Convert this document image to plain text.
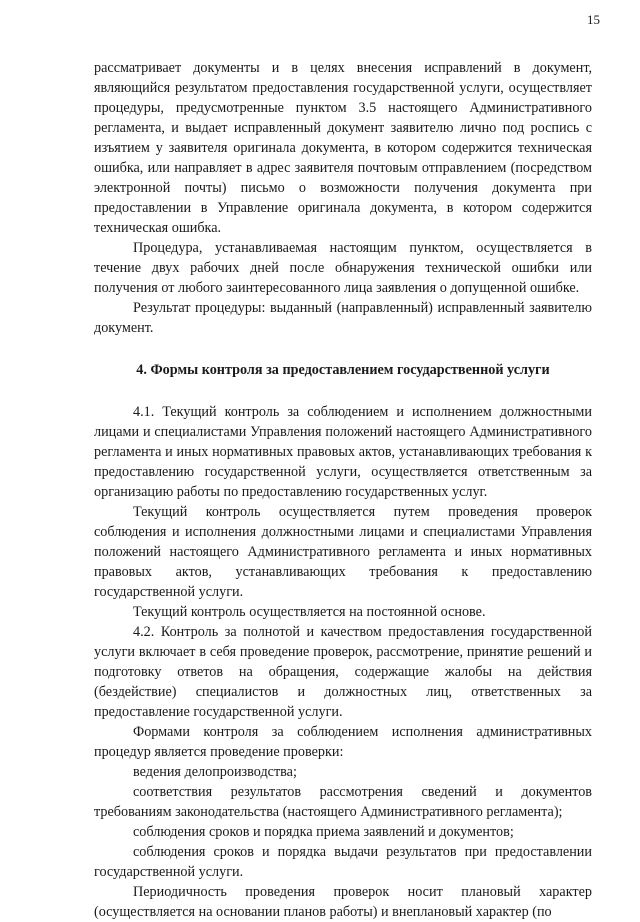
15

рассматривает документы и в целях внесения исправлений в документ, являющийся результатом предоставления государственной услуги, осуществляет процедуры, предусмотренные пунктом 3.5 настоящего Административного регламента, и выдает исправленный документ заявителю лично под роспись с изъятием у заявителя оригинала документа, в котором содержится техническая ошибка, или направляет в адрес заявителя почтовым отправлением (посредством электронной почты) письмо о возможности получения документа при предоставлении в Управление оригинала документа, в котором содержится техническая ошибка.

Процедура, устанавливаемая настоящим пунктом, осуществляется в течение двух рабочих дней после обнаружения технической ошибки или получения от любого заинтересованного лица заявления о допущенной ошибке.

Результат процедуры: выданный (направленный) исправленный заявителю документ.

4. Формы контроля за предоставлением государственной услуги

4.1. Текущий контроль за соблюдением и исполнением должностными лицами и специалистами Управления положений настоящего Административного регламента и иных нормативных правовых актов, устанавливающих требования к предоставлению государственной услуги, осуществляется ответственным за организацию работы по предоставлению государственных услуг.

Текущий контроль осуществляется путем проведения проверок соблюдения и исполнения должностными лицами и специалистами Управления положений настоящего Административного регламента и иных нормативных правовых актов, устанавливающих требования к предоставлению государственной услуги.

Текущий контроль осуществляется на постоянной основе.

4.2. Контроль за полнотой и качеством предоставления государственной услуги включает в себя проведение проверок, рассмотрение, принятие решений и подготовку ответов на обращения, содержащие жалобы на действия (бездействие) специалистов и должностных лиц, ответственных за предоставление государственной услуги.

Формами контроля за соблюдением исполнения административных процедур является проведение проверки:

ведения делопроизводства;

соответствия результатов рассмотрения сведений и документов требованиям законодательства (настоящего Административного регламента);

соблюдения сроков и порядка приема заявлений и документов;

соблюдения сроков и порядка выдачи результатов при предоставлении государственной услуги.

Периодичность проведения проверок носит плановый характер (осуществляется на основании планов работы) и внеплановый характер (по
